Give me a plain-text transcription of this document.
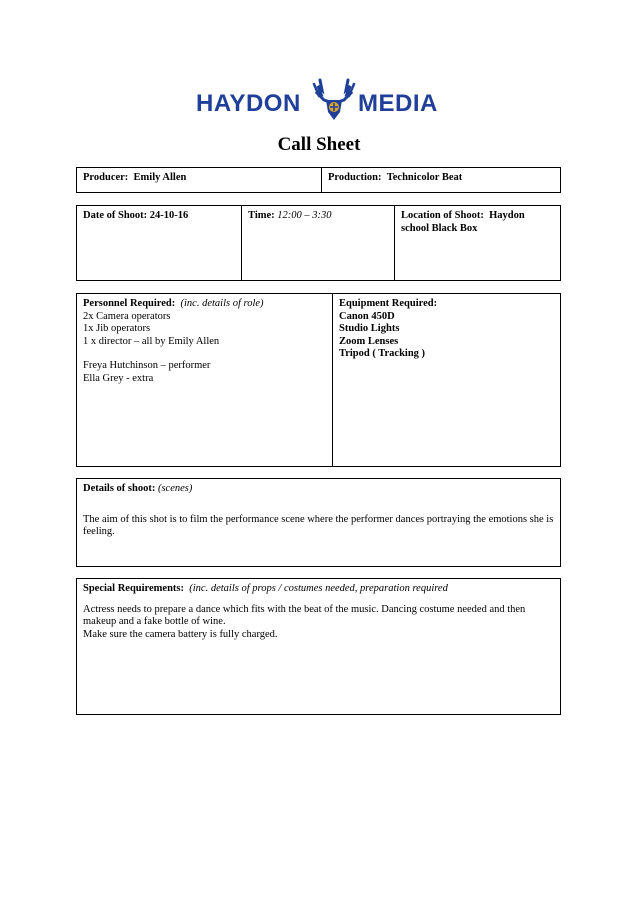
HAYDON MEDIA
Call Sheet
Producer: Emily Allen	Production: Technicolor Beat
Date of Shoot: 24-10-16	Time: 12:00 – 3:30	Location of Shoot: Haydon
school Black Box
Personnel Required: (inc. details of role)
2x Camera operators
1x Jib operators
1 x director – all by Emily Allen
Freya Hutchinson – performer
Ella Grey - extra
Equipment Required:
Canon 450D
Studio Lights
Zoom Lenses
Tripod ( Tracking )
Details of shoot: (scenes)
The aim of this shot is to film the performance scene where the performer dances portraying the emotions she is feeling.
Special Requirements: (inc. details of props / costumes needed, preparation required
Actress needs to prepare a dance which fits with the beat of the music. Dancing costume needed and then
makeup and a fake bottle of wine.
Make sure the camera battery is fully charged.
